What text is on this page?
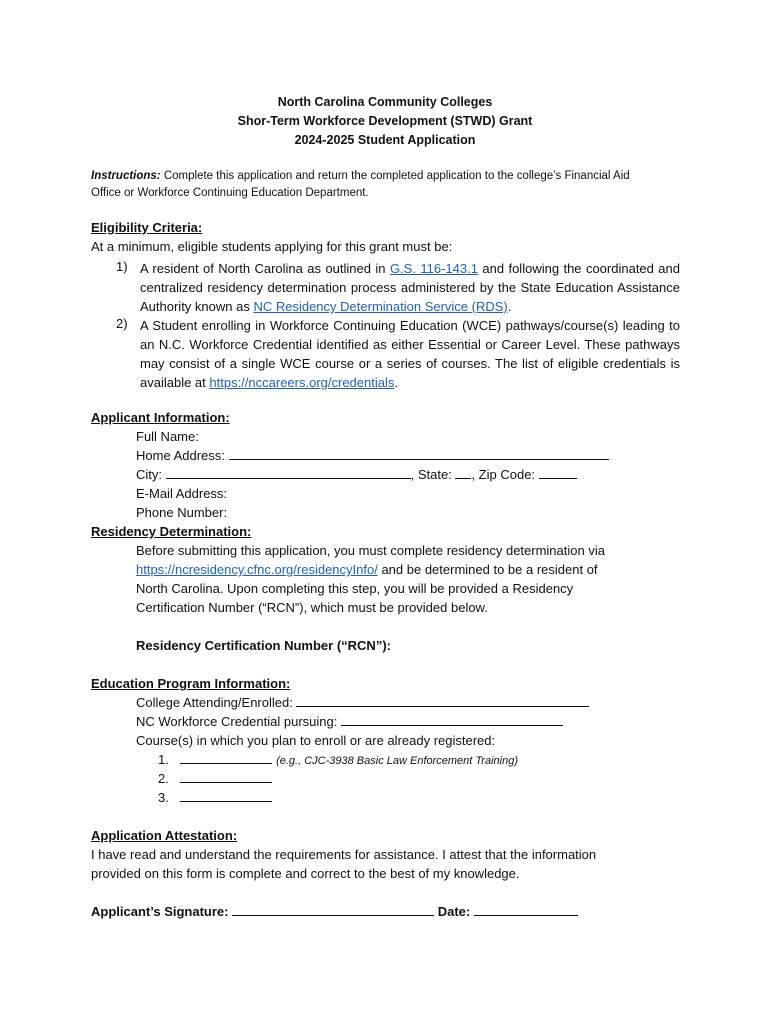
North Carolina Community Colleges
Shor-Term Workforce Development (STWD) Grant
2024-2025 Student Application
Instructions: Complete this application and return the completed application to the college’s Financial Aid
Office or Workforce Continuing Education Department.
Eligibility Criteria:
At a minimum, eligible students applying for this grant must be:
1) A resident of North Carolina as outlined in G.S. 116-143.1 and following the coordinated and centralized residency determination process administered by the State Education Assistance Authority known as NC Residency Determination Service (RDS).
2) A Student enrolling in Workforce Continuing Education (WCE) pathways/course(s) leading to an N.C. Workforce Credential identified as either Essential or Career Level. These pathways may consist of a single WCE course or a series of courses. The list of eligible credentials is available at https://nccareers.org/credentials.
Applicant Information:
Full Name:
Home Address:
City:	, State: , Zip Code:
E-Mail Address:
Phone Number:
Residency Determination:
Before submitting this application, you must complete residency determination via
https://ncresidency.cfnc.org/residencyInfo/ and be determined to be a resident of
North Carolina. Upon completing this step, you will be provided a Residency
Certification Number (“RCN”), which must be provided below.
Residency Certification Number (“RCN”):
Education Program Information:
College Attending/Enrolled:
NC Workforce Credential pursuing:
Course(s) in which you plan to enroll or are already registered:
1.	(e.g., CJC-3938 Basic Law Enforcement Training)
2.
3.
Application Attestation:
I have read and understand the requirements for assistance. I attest that the information
provided on this form is complete and correct to the best of my knowledge.
Applicant’s Signature:	Date:
